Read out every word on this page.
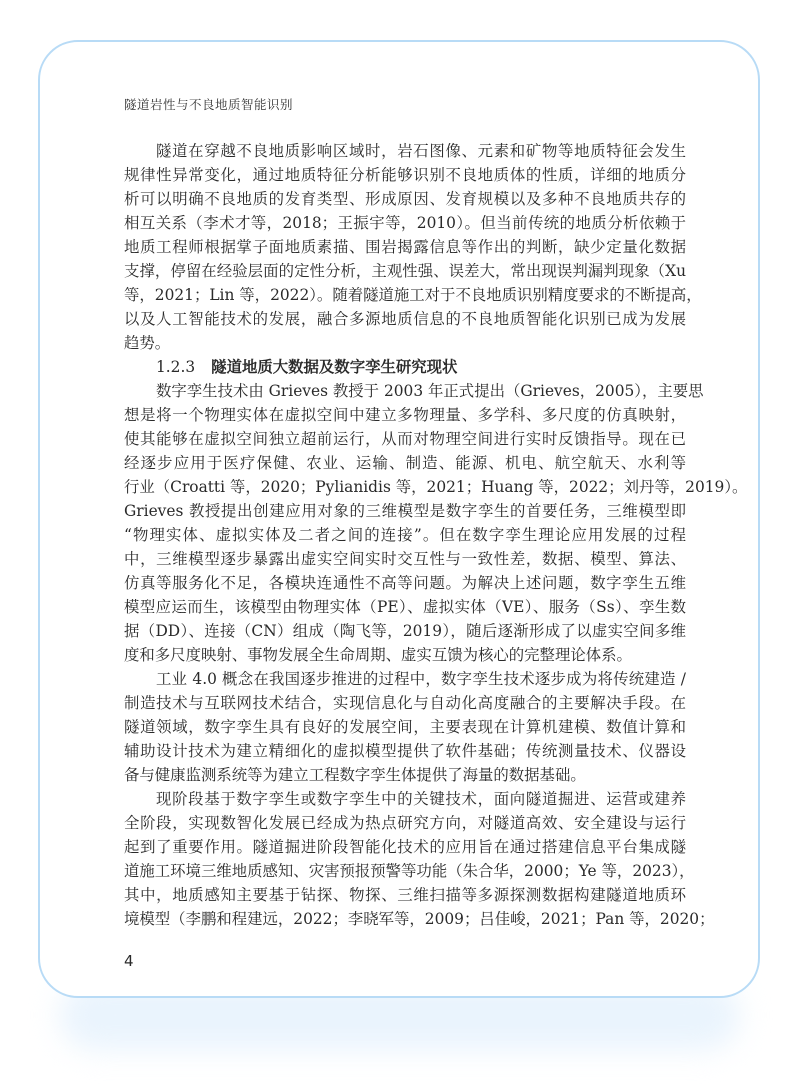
隧道岩性与不良地质智能识别
隧道在穿越不良地质影响区域时，岩石图像、元素和矿物等地质特征会发生
规律性异常变化，通过地质特征分析能够识别不良地质体的性质，详细的地质分
析可以明确不良地质的发育类型、形成原因、发育规模以及多种不良地质共存的
相互关系（李术才等，2018；王振宇等，2010）。但当前传统的地质分析依赖于
地质工程师根据掌子面地质素描、围岩揭露信息等作出的判断，缺少定量化数据
支撑，停留在经验层面的定性分析，主观性强、误差大，常出现误判漏判现象（Xu
等，2021；Lin 等，2022）。随着隧道施工对于不良地质识别精度要求的不断提高，
以及人工智能技术的发展，融合多源地质信息的不良地质智能化识别已成为发展
趋势。
1.2.3 隧道地质大数据及数字孪生研究现状
数字孪生技术由 Grieves 教授于 2003 年正式提出（Grieves，2005），主要思
想是将一个物理实体在虚拟空间中建立多物理量、多学科、多尺度的仿真映射，
使其能够在虚拟空间独立超前运行，从而对物理空间进行实时反馈指导。现在已
经逐步应用于医疗保健、农业、运输、制造、能源、机电、航空航天、水利等
行业（Croatti 等，2020；Pylianidis 等，2021；Huang 等，2022；刘丹等，2019）。
Grieves 教授提出创建应用对象的三维模型是数字孪生的首要任务，三维模型即
“物理实体、虚拟实体及二者之间的连接”。但在数字孪生理论应用发展的过程
中，三维模型逐步暴露出虚实空间实时交互性与一致性差，数据、模型、算法、
仿真等服务化不足，各模块连通性不高等问题。为解决上述问题，数字孪生五维
模型应运而生，该模型由物理实体（PE）、虚拟实体（VE）、服务（Ss）、孪生数
据（DD）、连接（CN）组成（陶飞等，2019），随后逐渐形成了以虚实空间多维
度和多尺度映射、事物发展全生命周期、虚实互馈为核心的完整理论体系。
工业 4.0 概念在我国逐步推进的过程中，数字孪生技术逐步成为将传统建造 /
制造技术与互联网技术结合，实现信息化与自动化高度融合的主要解决手段。在
隧道领域，数字孪生具有良好的发展空间，主要表现在计算机建模、数值计算和
辅助设计技术为建立精细化的虚拟模型提供了软件基础；传统测量技术、仪器设
备与健康监测系统等为建立工程数字孪生体提供了海量的数据基础。
现阶段基于数字孪生或数字孪生中的关键技术，面向隧道掘进、运营或建养
全阶段，实现数智化发展已经成为热点研究方向，对隧道高效、安全建设与运行
起到了重要作用。隧道掘进阶段智能化技术的应用旨在通过搭建信息平台集成隧
道施工环境三维地质感知、灾害预报预警等功能（朱合华，2000；Ye 等，2023），
其中，地质感知主要基于钻探、物探、三维扫描等多源探测数据构建隧道地质环
境模型（李鹏和程建远，2022；李晓军等，2009；吕佳峻，2021；Pan 等，2020；
4
